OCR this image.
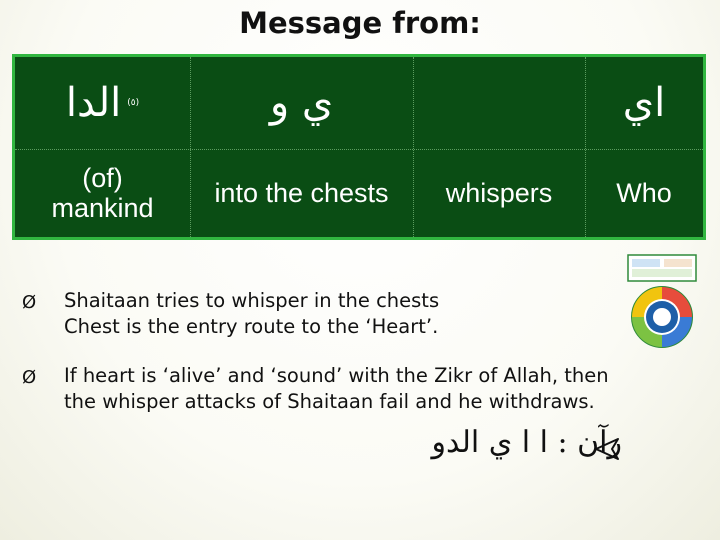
Message from:
اي
ي و
الدا (٥)
Who
whispers
into the chests
(of)
mankind
Ø Shaitaan tries to whisper in the chests
Chest is the entry route to the ‘Heart’.
Ø If heart is ‘alive’ and ‘sound’ with the Zikr of Allah, then
the whisper attacks of Shaitaan fail and he withdraws.
رآن : ا ا ي الدو
